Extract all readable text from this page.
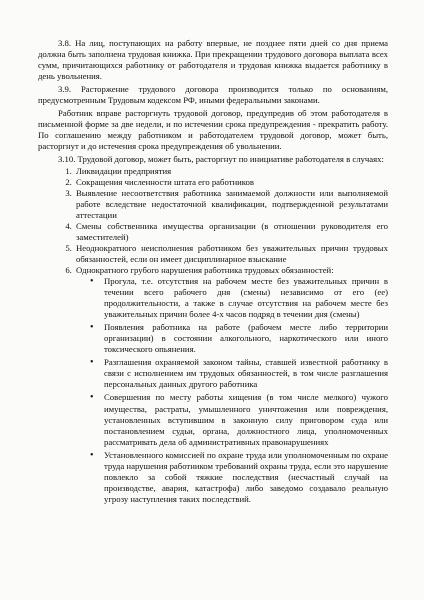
3.8. На лиц, поступающих на работу впервые, не позднее пяти дней со дня приема должна быть заполнена трудовая книжка. При прекращении трудового договора выплата всех сумм, причитающихся работнику от работодателя и трудовая книжка выдается работнику в день увольнения.

3.9. Расторжение трудового договора производится только по основаниям, предусмотренным Трудовым кодексом РФ, иными федеральными законами.

Работник вправе расторгнуть трудовой договор, предупредив об этом работодателя в письменной форме за две недели, и по истечении срока предупреждения - прекратить работу. По соглашению между работником и работодателем трудовой договор, может быть, расторгнут и до истечения срока предупреждения об увольнении.

3.10. Трудовой договор, может быть, расторгнут по инициативе работодателя в случаях:

1. Ликвидации предприятия
2. Сокращения численности штата его работников
3. Выявление несоответствия работника занимаемой должности или выполняемой работе вследствие недостаточной квалификации, подтвержденной результатами аттестации
4. Смены собственника имущества организации (в отношении руководителя его заместителей)
5. Неоднократного неисполнения работником без уважительных причин трудовых обязанностей, если он имеет дисциплинарное взыскание
6. Однократного грубого нарушения работника трудовых обязанностей:
• Прогула, т.е. отсутствия на рабочем месте без уважительных причин в течении всего рабочего дня (смены) независимо от его (ее) продолжительности, а также в случае отсутствия на рабочем месте без уважительных причин более 4-х часов подряд в течении дня (смены)
• Появления работника на работе (рабочем месте либо территории организации) в состоянии алкогольного, наркотического или иного токсического опьянения.
• Разглашения охраняемой законом тайны, ставшей известной работнику в связи с исполнением им трудовых обязанностей, в том числе разглашения персональных данных другого работника
• Совершения по месту работы хищения (в том числе мелкого) чужого имущества, растраты, умышленного уничтожения или повреждения, установленных вступившим в законную силу приговором суда или постановлением судьи, органа, должностного лица, уполномоченных рассматривать дела об административных правонарушениях
• Установленного комиссией по охране труда или уполномоченным по охране труда нарушения работником требований охраны труда, если это нарушение повлекло за собой тяжкие последствия (несчастный случай на производстве, авария, катастрофа) либо заведомо создавало реальную угрозу наступления таких последствий.
